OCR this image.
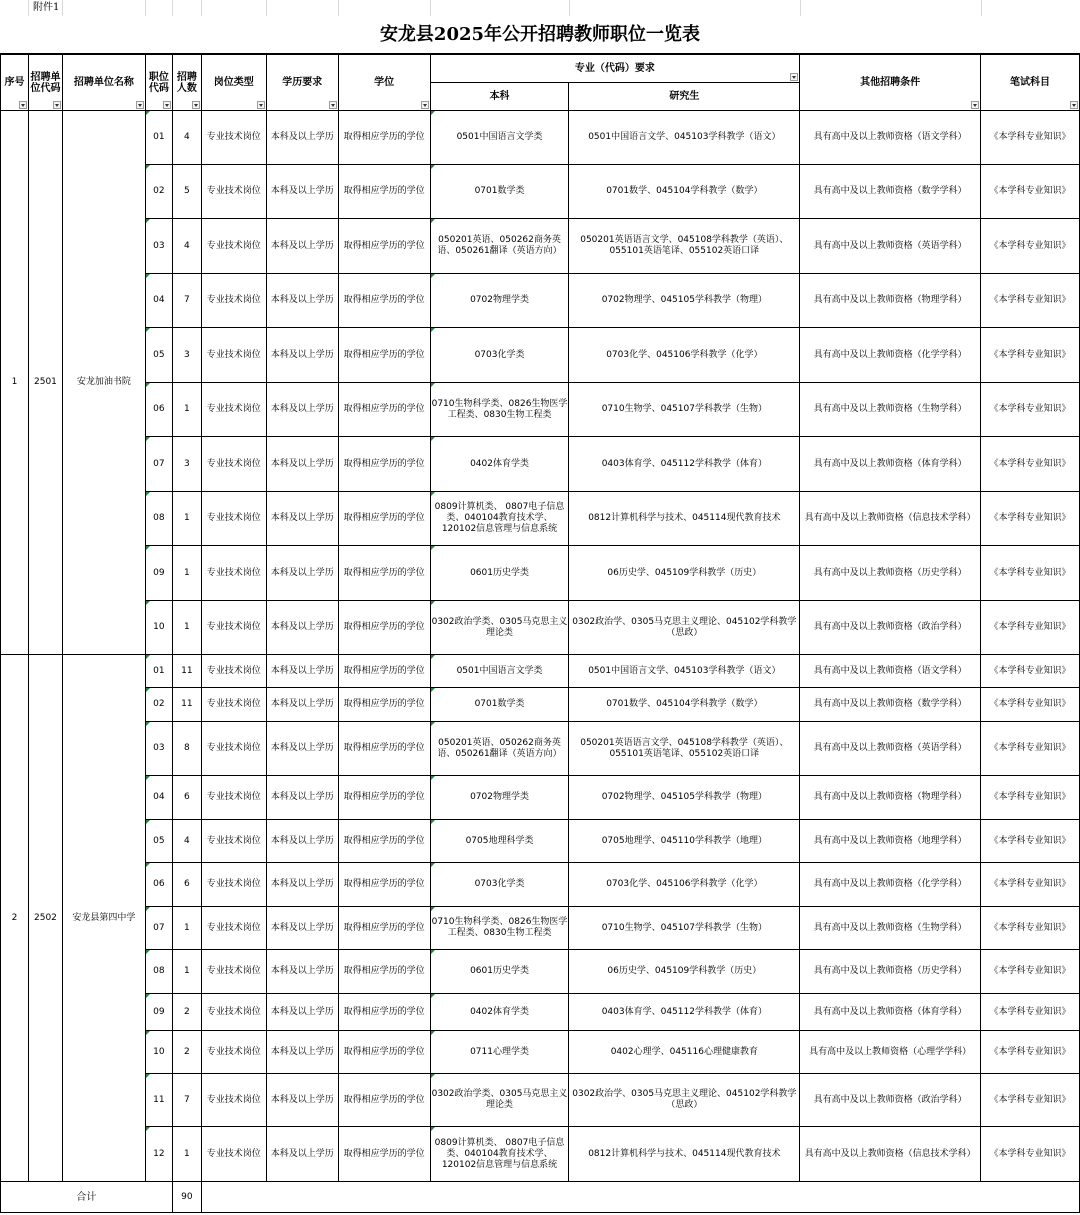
附件1
安龙县2025年公开招聘教师职位一览表
序号	招聘单位代码	招聘单位名称	职位代码	招聘人数	岗位类型	学历要求	学位	专业（代码）要求		其他招聘条件	笔试科目

								本科	研究生		
1	2501	安龙加油书院	01	4	专业技术岗位	本科及以上学历	取得相应学历的学位	0501中国语言文学类	0501中国语言文学、045103学科教学（语文）	具有高中及以上教师资格（语文学科）	《本学科专业知识》
			02	5	专业技术岗位	本科及以上学历	取得相应学历的学位	0701数学类	0701数学、045104学科教学（数学）	具有高中及以上教师资格（数学学科）	《本学科专业知识》
			03	4	专业技术岗位	本科及以上学历	取得相应学历的学位	050201英语、050262商务英语、050261翻译（英语方向）	050201英语语言文学、045108学科教学（英语）、055101英语笔译、055102英语口译	具有高中及以上教师资格（英语学科）	《本学科专业知识》
			04	7	专业技术岗位	本科及以上学历	取得相应学历的学位	0702物理学类	0702物理学、045105学科教学（物理）	具有高中及以上教师资格（物理学科）	《本学科专业知识》
			05	3	专业技术岗位	本科及以上学历	取得相应学历的学位	0703化学类	0703化学、045106学科教学（化学）	具有高中及以上教师资格（化学学科）	《本学科专业知识》
			06	1	专业技术岗位	本科及以上学历	取得相应学历的学位	0710生物科学类、0826生物医学工程类、0830生物工程类	0710生物学、045107学科教学（生物）	具有高中及以上教师资格（生物学科）	《本学科专业知识》
			07	3	专业技术岗位	本科及以上学历	取得相应学历的学位	0402体育学类	0403体育学、045112学科教学（体育）	具有高中及以上教师资格（体育学科）	《本学科专业知识》
			08	1	专业技术岗位	本科及以上学历	取得相应学历的学位	0809计算机类、 0807电子信息类、040104教育技术学、120102信息管理与信息系统	0812计算机科学与技术、045114现代教育技术	具有高中及以上教师资格（信息技术学科）	《本学科专业知识》
			09	1	专业技术岗位	本科及以上学历	取得相应学历的学位	0601历史学类	06历史学、045109学科教学（历史）	具有高中及以上教师资格（历史学科）	《本学科专业知识》
			10	1	专业技术岗位	本科及以上学历	取得相应学历的学位	0302政治学类、0305马克思主义理论类	0302政治学、0305马克思主义理论、045102学科教学（思政）	具有高中及以上教师资格（政治学科）	《本学科专业知识》
2	2502	安龙县第四中学	01	11	专业技术岗位	本科及以上学历	取得相应学历的学位	0501中国语言文学类	0501中国语言文学、045103学科教学（语文）	具有高中及以上教师资格（语文学科）	《本学科专业知识》
			02	11	专业技术岗位	本科及以上学历	取得相应学历的学位	0701数学类	0701数学、045104学科教学（数学）	具有高中及以上教师资格（数学学科）	《本学科专业知识》
			03	8	专业技术岗位	本科及以上学历	取得相应学历的学位	050201英语、050262商务英语、050261翻译（英语方向）	050201英语语言文学、045108学科教学（英语）、055101英语笔译、055102英语口译	具有高中及以上教师资格（英语学科）	《本学科专业知识》
			04	6	专业技术岗位	本科及以上学历	取得相应学历的学位	0702物理学类	0702物理学、045105学科教学（物理）	具有高中及以上教师资格（物理学科）	《本学科专业知识》
			05	4	专业技术岗位	本科及以上学历	取得相应学历的学位	0705地理科学类	0705地理学、045110学科教学（地理）	具有高中及以上教师资格（地理学科）	《本学科专业知识》
			06	6	专业技术岗位	本科及以上学历	取得相应学历的学位	0703化学类	0703化学、045106学科教学（化学）	具有高中及以上教师资格（化学学科）	《本学科专业知识》
			07	1	专业技术岗位	本科及以上学历	取得相应学历的学位	0710生物科学类、0826生物医学工程类、0830生物工程类	0710生物学、045107学科教学（生物）	具有高中及以上教师资格（生物学科）	《本学科专业知识》
			08	1	专业技术岗位	本科及以上学历	取得相应学历的学位	0601历史学类	06历史学、045109学科教学（历史）	具有高中及以上教师资格（历史学科）	《本学科专业知识》
			09	2	专业技术岗位	本科及以上学历	取得相应学历的学位	0402体育学类	0403体育学、045112学科教学（体育）	具有高中及以上教师资格（体育学科）	《本学科专业知识》
			10	2	专业技术岗位	本科及以上学历	取得相应学历的学位	0711心理学类	0402心理学、045116心理健康教育	具有高中及以上教师资格（心理学学科）	《本学科专业知识》
			11	7	专业技术岗位	本科及以上学历	取得相应学历的学位	0302政治学类、0305马克思主义理论类	0302政治学、0305马克思主义理论、045102学科教学（思政）	具有高中及以上教师资格（政治学科）	《本学科专业知识》
			12	1	专业技术岗位	本科及以上学历	取得相应学历的学位	0809计算机类、 0807电子信息类、040104教育技术学、120102信息管理与信息系统	0812计算机科学与技术、045114现代教育技术	具有高中及以上教师资格（信息技术学科）	《本学科专业知识》
合计				90							
